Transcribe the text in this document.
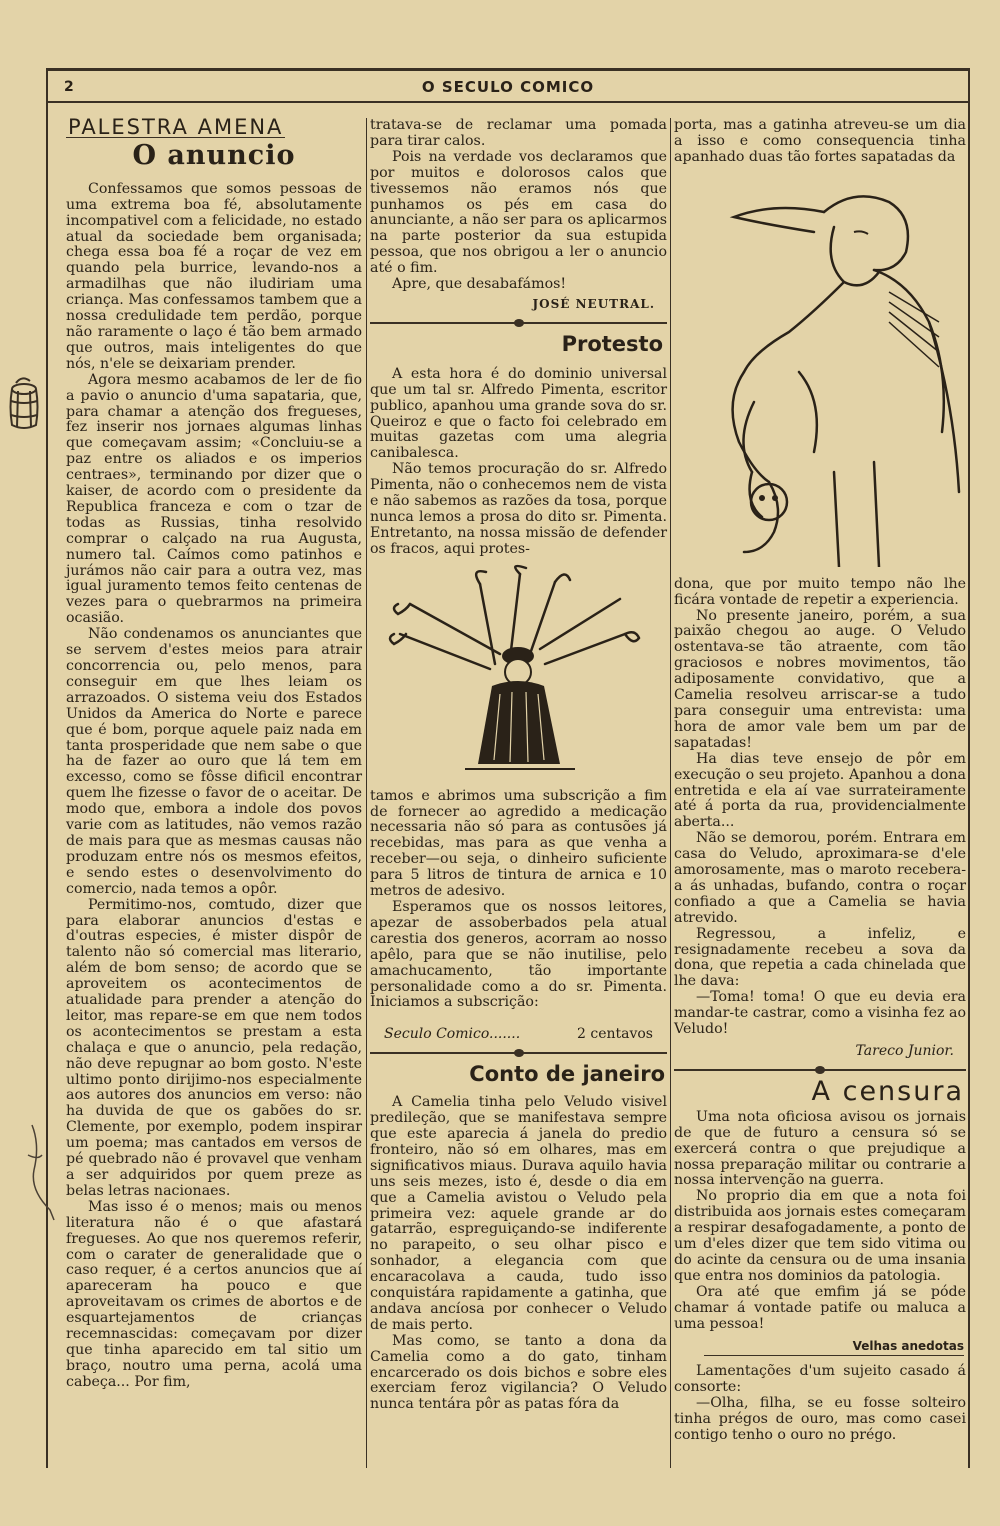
2	O SECULO COMICO
PALESTRA AMENA
O anuncio

Confessamos que somos pessoas de uma extrema boa fé, absolutamente incompativel com a felicidade, no estado atual da sociedade bem organisada; chega essa boa fé a roçar de vez em quando pela burrice, levando-nos a armadilhas que não iludiriam uma criança. Mas confessamos tambem que a nossa credulidade tem perdão, porque não raramente o laço é tão bem armado que outros, mais inteligentes do que nós, n'ele se deixariam prender.

Agora mesmo acabamos de ler de fio a pavio o anuncio d'uma sapataria, que, para chamar a atenção dos fregueses, fez inserir nos jornaes algumas linhas que começavam assim; «Concluiu-se a paz entre os aliados e os imperios centraes», terminando por dizer que o kaiser, de acordo com o presidente da Republica franceza e com o tzar de todas as Russias, tinha resolvido comprar o calçado na rua Augusta, numero tal. Caímos como patinhos e jurámos não cair para a outra vez, mas igual juramento temos feito centenas de vezes para o quebrarmos na primeira ocasião.

Não condenamos os anunciantes que se servem d'estes meios para atrair concorrencia ou, pelo menos, para conseguir em que lhes leiam os arrazoados. O sistema veiu dos Estados Unidos da America do Norte e parece que é bom, porque aquele paiz nada em tanta prosperidade que nem sabe o que ha de fazer ao ouro que lá tem em excesso, como se fôsse dificil encontrar quem lhe fizesse o favor de o aceitar. De modo que, embora a indole dos povos varie com as latitudes, não vemos razão de mais para que as mesmas causas não produzam entre nós os mesmos efeitos, e sendo estes o desenvolvimento do comercio, nada temos a opôr.

Permitimo-nos, comtudo, dizer que para elaborar anuncios d'estas e d'outras especies, é mister dispôr de talento não só comercial mas literario, além de bom senso; de acordo que se aproveitem os acontecimentos de atualidade para prender a atenção do leitor, mas repare-se em que nem todos os acontecimentos se prestam a esta chalaça e que o anuncio, pela redação, não deve repugnar ao bom gosto. N'este ultimo ponto dirijimo-nos especialmente aos autores dos anuncios em verso: não ha duvida de que os gabões do sr. Clemente, por exemplo, podem inspirar um poema; mas cantados em versos de pé quebrado não é provavel que venham a ser adquiridos por quem preze as belas letras nacionaes.

Mas isso é o menos; mais ou menos literatura não é o que afastará fregueses. Ao que nos queremos referir, com o carater de generalidade que o caso requer, é a certos anuncios que aí apareceram ha pouco e que aproveitavam os crimes de abortos e de esquartejamentos de crianças recemnascidas: começavam por dizer que tinha aparecido em tal sitio um braço, noutro uma perna, acolá uma cabeça... Por fim,

tratava-se de reclamar uma pomada para tirar calos.

Pois na verdade vos declaramos que por muitos e dolorosos calos que tivessemos não eramos nós que punhamos os pés em casa do anunciante, a não ser para os aplicarmos na parte posterior da sua estupida pessoa, que nos obrigou a ler o anuncio até o fim.

Apre, que desabafámos!

JOSÉ NEUTRAL.
Protesto

A esta hora é do dominio universal que um tal sr. Alfredo Pimenta, escritor publico, apanhou uma grande sova do sr. Queiroz e que o facto foi celebrado em muitas gazetas com uma alegria canibalesca.

Não temos procuração do sr. Alfredo Pimenta, não o conhecemos nem de vista e não sabemos as razões da tosa, porque nunca lemos a prosa do dito sr. Pimenta. Entretanto, na nossa missão de defender os fracos, aqui protes-

tamos e abrimos uma subscrição a fim de fornecer ao agredido a medicação necessaria não só para as contusões já recebidas, mas para as que venha a receber—ou seja, o dinheiro suficiente para 5 litros de tintura de arnica e 10 metros de adesivo.

Esperamos que os nossos leitores, apezar de assoberbados pela atual carestia dos generos, acorram ao nosso apêlo, para que se não inutilise, pelo amachucamento, tão importante personalidade como a do sr. Pimenta. Iniciamos a subscrição:

Seculo Comico.......	2 centavos
Conto de janeiro

A Camelia tinha pelo Veludo visivel predileção, que se manifestava sempre que este aparecia á janela do predio fronteiro, não só em olhares, mas em significativos miaus. Durava aquilo havia uns seis mezes, isto é, desde o dia em que a Camelia avistou o Veludo pela primeira vez: aquele grande ar do gatarrão, espreguiçando-se indiferente no parapeito, o seu olhar pisco e sonhador, a elegancia com que encaracolava a cauda, tudo isso conquistára rapidamente a gatinha, que andava ancíosa por conhecer o Veludo de mais perto.

Mas como, se tanto a dona da Camelia como a do gato, tinham encarcerado os dois bichos e sobre eles exerciam feroz vigilancia? O Veludo nunca tentára pôr as patas fóra da

porta, mas a gatinha atreveu-se um dia a isso e como consequencia tinha apanhado duas tão fortes sapatadas da

dona, que por muito tempo não lhe ficára vontade de repetir a experiencia.

No presente janeiro, porém, a sua paixão chegou ao auge. O Veludo ostentava-se tão atraente, com tão graciosos e nobres movimentos, tão adiposamente convidativo, que a Camelia resolveu arriscar-se a tudo para conseguir uma entrevista: uma hora de amor vale bem um par de sapatadas!

Ha dias teve ensejo de pôr em execução o seu projeto. Apanhou a dona entretida e ela aí vae surrateiramente até á porta da rua, providencialmente aberta...

Não se demorou, porém. Entrara em casa do Veludo, aproximara-se d'ele amorosamente, mas o maroto recebera-a ás unhadas, bufando, contra o roçar confiado a que a Camelia se havia atrevido.

Regressou, a infeliz, e resignadamente recebeu a sova da dona, que repetia a cada chinelada que lhe dava:

—Toma! toma! O que eu devia era mandar-te castrar, como a visinha fez ao Veludo!

Tareco Junior.
A censura

Uma nota oficiosa avisou os jornais de que de futuro a censura só se exercerá contra o que prejudique a nossa preparação militar ou contrarie a nossa intervenção na guerra.

No proprio dia em que a nota foi distribuida aos jornais estes começaram a respirar desafogadamente, a ponto de um d'eles dizer que tem sido vitima ou do acinte da censura ou de uma insania que entra nos dominios da patologia.

Ora até que emfim já se póde chamar á vontade patife ou maluca a uma pessoa!

Velhas anedotas

Lamentações d'um sujeito casado á consorte:

—Olha, filha, se eu fosse solteiro tinha prégos de ouro, mas como casei contigo tenho o ouro no prégo.
